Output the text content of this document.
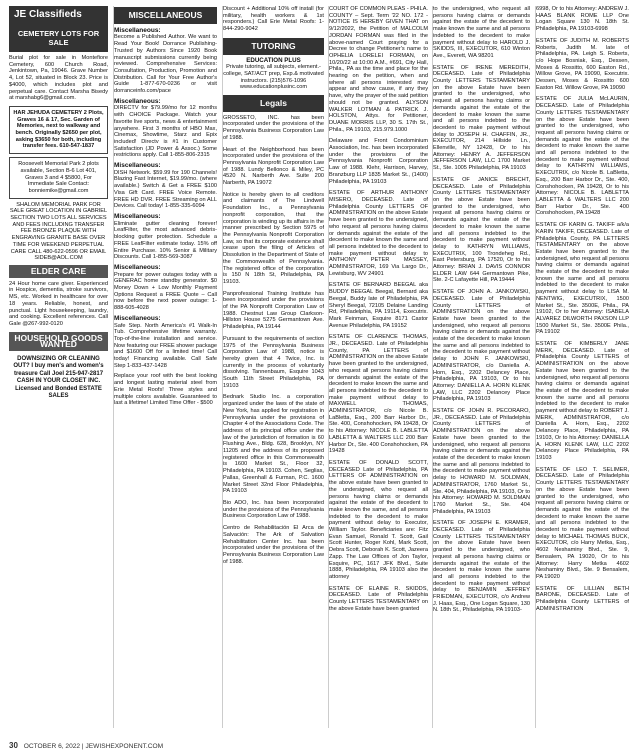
JE Classifieds
CEMETERY LOTS FOR SALE

Burial plot for sale in Montefiore Cemetery, 600 Church Road, Jenkintown, Pa, 19046. Grave Number 4, Lot 52, situated in Block 23. Price is $4000, which includes plot and perpetual care. Contact Marsha Bisedy at marshabg6@gmail.com.

HAR JEHUDA CEMETERY 2 Plots, Graves 16 & 17, Sec. Garden of Memories, next to walkway and bench. Originally $2650 per plot, asking $3650 for both, including transfer fees. 610-547-1837
Roosevelt Memorial Park 2 plots available, Section B-6 Lot 401, Graves 3 and 4 $5800, For Immediate Sale Contact: bonniemike@gmail.com
SHALOM MEMORIAL PARK FOR SALE GREAT LOCATION IN GABRIEL SECTION TWO LOTS ALL SERVICES AND FEES INCLUDING TRANSFER FEE BRONZE PLAQUE WITH ENGRAVING GRANITE BASE OVER TIME FOR WEEKEND PERPETUAL CARE CALL 480-622-0596 OR EMAIL SIDEB@AOL.COM
ELDER CARE

24 Hour home care giver. Experienced in Hospice, dementia, stroke survivors, MS, etc. Worked in healthcare for over 18 years. Reliable, honest, and punctual. Light housekeeping, laundry, and cooking. Excellent references. Call Gale @267-992-0120

HOUSEHOLD GOODS WANTED
DOWNSIZING OR CLEANING OUT? I buy men's and women's treasure Call Joel 215-947-2817 CASH IN YOUR CLOSET INC. Licensed and Bonded ESTATE SALES
MISCELLANEOUS
Miscellaneous:

Become a Published Author. We want to Read Your Book! Dorrance Publishing-Trusted by Authors Since 1920 Book manuscript submissions currently being reviewed. Comprehensive Services: Consultation, Production, Promotion and Distribution. Call for Your Free Author's Guide 1-877-670-0236 or visit dorranceinfo.com/pace

Miscellaneous:

DIRECTV for $79.99/mo for 12 months with CHOICE Package. Watch your favorite live sports, news & entertainment anywhere. First 3 months of HBO Max, Cinemax, Showtime, Starz and Epix included! Directv is #1 in Customer Satisfaction (JD Power & Assoc.) Some restrictions apply. Call 1-855-806-2315

Miscellaneous:

DISH Network. $59.99 for 190 Channels! Blazing Fast Internet, $19.99/mo. (where available.) Switch & Get a FREE $100 Visa Gift Card. FREE Voice Remote. FREE HD DVR. FREE Streaming on ALL Devices. Call today! 1-855-335-6094

Miscellaneous:

Eliminate gutter cleaning forever! LeafFilter, the most advanced debris-blocking gutter protection. Schedule a FREE LeafFilter estimate today. 15% off Entire Purchase. 10% Senior & Military Discounts. Call 1-855-569-3087

Miscellaneous:

Prepare for power outages today with a GENERAC home standby generator. $0 Money Down + Low Monthly Payment Options Request a FREE Quote – Call now before the next power outage: 1-888-605-4028

Miscellaneous:

Safe Step. North America's #1 Walk-In Tub. Comprehensive lifetime warranty. Top-of-the-line installation and service. Now featuring our FREE shower package and $1600 Off for a limited time! Call today! Financing available. Call Safe Step 1-833-437-1428

Replace your roof with the best looking and longest lasting material steel from Erie Metal Roofs! Three styles and multiple colors available. Guaranteed to last a lifetime! Limited Time Offer - $500

Discount + Additional 10% off install (for military, health workers & 1st responders.) Call Erie Metal Roofs: 1-844-290-9042

TUTORING
EDUCATION PLUS
Private tutoring, all subjects, element.-college, SAT/ACT prep, Exp.& motivated instructors. (215)576-1096 www.educationplusinc.com
Legals

GROSSETO, INC. has been incorporated under the provisions of the Pennsylvania Business Corporation Law of 1988.

Heart of the Neighborhood has been incorporated under the provisions of the Pennsylvania Nonprofit Corporation Law of 1988. Lundy Bellonco & Miley, PC 4520 N. Narberth Ave. Suite 200 Narberth, PA 19072

Notice is hereby given to all creditors and claimants of The Lindwell Foundation Inc., a Pennsylvania nonprofit corporation, that the corporation is winding up its affairs in the manner prescribed by Section 5975 of the Pennsylvania Nonprofit Corporation Law, so that its corporate existence shall cease upon the filing of Articles of Dissolution in the Department of State of the Commonwealth of Pennsylvania. The registered office of the corporation is 150 N 18th St, Philadelphia, PA 19103.

Panprofessional Training Institute has been incorporated under the provisions of the PA Nonprofit Corporation Law of 1988. Chestnut Law Group Clarkson-Hillston House 5275 Germantown Ave. Philadelphia, PA 19144

Pursuant to the requirements of section 1975 of the Pennsylvania Business Corporation Law of 1988, notice is hereby given that 4 Twice, Inc. is currently in the process of voluntarily dissolving. Tannenbaum, Esquire 1043 South 11th Street Philadelphia, PA 19103

Bednark Studio Inc. a corporation organized under the laws of the state of New York, has applied for registration in Pennsylvania under the provisions of Chapter 4 of the Associations Code. The address of its principal office under the law of the jurisdiction of formation is 60 Flushing Ave., Bldg. 628, Brooklyn, NY 11205 and the address of its proposed registered office in this Commonwealth is 1600 Market St., Floor 32, Philadelphia, PA 19103. Cohen, Seglias, Pallas, Greenhall & Furman, P.C. 1600 Market Street 32nd Floor Philadelphia, PA 19103

Bio ADO, Inc. has been incorporated under the provisions of the Pennsylvania Business Corporation Law of 1988.

Centro de Rehabilitación El Arca de Salvación: The Ark of Salvation Rehabilitation Center Inc. has been incorporated under the provisions of the Pennsylvania Business Corporation Law of 1988.

COURT OF COMMON PLEAS - PHILA. COUNTY – Sept. Term '22 NO. 172 - NOTICE IS HEREBY GIVEN THAT on 9/12/2022, the Petition of MALCOLM JORDAN FORMAN was filed in the above-named Court praying for a Decree to change Petitioner's name to OPHELIA LORELEI FORMAN, on 10/20/22 at 10:00 A.M., #691, City Hall, Phila., PA as the time and place for the hearing on the petition, when and where all persons interested may appear and show cause, if any they have, why the prayer of the said petition should not be granted. ALYSON WALKER LOTMAN & PATRICK J. HOLSTON, Attys. for Petitioner, DUANE MORRIS LLP, 30 S. 17th St., Phila., PA 19103, 215.979.1000

Delaware and Front Condominium Association, Inc. has been incorporated under the provisions of the Pennsylvania Nonprofit Corporation Law of 1988. Klehr, Harrison, Harvey, Branzburg LLP 1835 Market St., (1400) Philadelphia, PA 19103

ESTATE OF ARTHUR ANTHONY MISERO, DECEASED. Late of Philadelphia County LETTERS OF ADMINISTRATION on the above Estate have been granted to the undersigned, who request all persons having claims or demands against the estate of the decedent to make known the same and all persons indebted to the decedent to make payment without delay to ANTHONY PETER MASSEY, ADMINISTRATOR, 169 Via Largo Dr., Lewisburg, WV 24901

ESTATE OF BERNARD BEEGAL aka BUDDY BEEGAL Beegal, Bernard aka Beegal, Buddy late of Philadelphia, PA Sheryl Beegal, 72105 Delaine Landing Rd, Philadelphia, PA 19114, Executrix. Mark Feinman, Esquire 8171 Castor Avenue Philadelphia, PA 19152

ESTATE OF CLARENCE THOMAS, JR., DECEASED. Late of Philadelphia County, PA LETTERS of ADMINISTRATION on the above Estate have been granted to the undersigned, who request all persons having claims or demands against the estate of the decedent to make known the same and all persons indebted to the decedent to make payment without delay to MAXWELL THOMAS, ADMINISTRATOR, c/o Nicole B. LaBletta, Esq., 200 Barr Harbor Dr., Ste. 400, Conshohocken, PA 19428, Or to his Attorney: NICOLE B. LABLETTA LABLETTA & WALTERS LLC 200 Barr Harbor Dr., Ste. 400 Conshohocken, PA 19428

ESTATE OF DONALD SCOTT, DECEASED Late of Philadelphia, PA LETTERS OF ADMINISTRATION on the above estate have been granted to the undersigned, who request all persons having claims or demands against the estate of the decedent to make known the same, and all persons indebted to the decedent to make payment without delay to Executor, William Taylor. Beneficiaries are: Fitz Evan Samuel, Ronald T. Scott, Gail Scott Hunter, Roger Kohl, Mark Scott, Debra Scott, Deborah K. Scott, Jazeera Zapp. The Law Offices of Jon Taylor, Esquire, PC, 1617 JFK Blvd., Suite 1888, Philadelphia, PA 19103 also the attorney

ESTATE OF ELAINE R. SKIDDS, DECEASED. Late of Philadelphia County LETTERS TESTAMENTARY on the above Estate have been granted

to the undersigned, who request all persons having claims or demands against the estate of the decedent to make known the same and all persons indebted to the decedent to make payment without delay to HAROLD J. SKIDDS, III, EXECUTOR, 610 Winton Ave., Everett, WA 98201

ESTATE OF IRENE MEREDITH, DECEASED. Late of Philadelphia County LETTERS TESTAMENTARY on the above Estate have been granted to the undersigned, who request all persons having claims or demands against the estate of the decedent to make known the same and all persons indebted to the decedent to make payment without delay to JOSEPH H. CHAFFIN, JR., EXECUTOR, 214 Hillside Ln., Ellenville, NY 12428, Or to his Attorney: HENRY A. JEFFERSON JEFFERSON LAW, LLC 1700 Market St., Ste. 1005 Philadelphia, PA 19103

ESTATE OF JANICE BRECHT, DECEASED. Late of Philadelphia County LETTERS TESTAMENTARY on the above Estate have been granted to the undersigned, who request all persons having claims or demands against the estate of the decedent to make known the same and all persons indebted to the decedent to make payment without delay to KATHRYN WILLIAMS, EXECUTRIX, 100 Trondeheg Rd., East Petersburg, PA 17520, Or to his Attorney: BRIAN J. DAVIS CONNOR ELDER LAW 644 Germantown Pike, Ste. 2-C Lafayette Hill, PA 19444

ESTATE OF JOHN A. JANKOWSKI, DECEASED. Late of Philadelphia County LETTERS of ADMINISTRATION on the above Estate have been granted to the undersigned, who request all persons having claims or demands against the estate of the decedent to make known the same and all persons indebted to the decedent to make payment without delay to JOHN F. JANKOWSKI, ADMINISTRATOR, c/o Daniella A. Horn, Esq., 2202 Delancey Place, Philadelphia, PA 19103, Or to his Attorney: DANIELLA A. HORN KLENK LAW, LLC 2202 Delancey Place Philadelphia, PA 19103

ESTATE OF JOHN R. PECORARO, JR., DECEASED. Late of Philadelphia County LETTERS of ADMINISTRATION on the above Estate have been granted to the undersigned, who request all persons having claims or demands against the estate of the decedent to make known the same and all persons indebted to the decedent to make payment without delay to HOWARD M. SOLDMAN, ADMINISTRATOR, 1760 Market St., Ste. 404, Philadelphia, PA 19103, Or to his Attorney: HOWARD M. SOLDMAN 1760 Market St., Ste. 404 Philadelphia, PA 19103

ESTATE OF JOSEPH E. KRAMER, DECEASED. Late of Philadelphia County LETTERS TESTAMENTARY on the above Estate have been granted to the undersigned, who request all persons having claims or demands against the estate of the decedent to make known the same and all persons indebted to the decedent to make payment without delay to BENJAMIN JEFFREY FRIEDMAN, EXECUTOR, c/o Andrew J. Haas, Esq., One Logan Square, 130 N. 18th St., Philadelphia, PA 19103-

6998, Or to his Attorney: ANDREW J. HAAS BLANK ROME LLP One Logan Square 130 N. 18th St. Philadelphia, PA 19103-6998

ESTATE OF JUDITH M. ROBERTS Roberts, Judith M. late of Philadelphia, PA. Leigh S. Roberts, c/o Hope Bosniak, Esq., Dessen, Moses & Rossitto, 600 Easton Rd., Willow Grove, PA 19090, Executrix. Dessen, Moses & Rossitto 600 Easton Rd. Willow Grove, PA 19090

ESTATE OF JULIA McLAURIN, DECEASED. Late of Philadelphia County LETTERS TESTAMENTARY on the above Estate have been granted to the undersigned, who request all persons having claims or demands against the estate of the decedent to make known the same and all persons indebted to the decedent to make payment without delay to KATHRYN WILLIAMS, EXECUTRIX, c/o Nicole B. LaBletta, Esq., 200 Barr Harbor Dr., Ste. 400, Conshohocken, PA 19428, Or to his Attorney: NICOLE B. LABLETTA LABLETTA & WALTERS LLC 200 Barr Harbor Dr., Ste. 400 Conshohocken, PA 19428

ESTATE OF KARIN G. TAKIFF a/k/a KARIN TAKIFF, DECEASED. Late of Philadelphia County, PA LETTERS TESTAMENTARY on the above Estate have been granted to the undersigned, who request all persons having claims or demands against the estate of the decedent to make known the same and all persons indebted to the decedent to make payment without delay to LISA M. NENTWIG, EXECUTRIX, 1500 Market St., Ste. 3500E, Phila., PA 19102, Or to her Attorney: ISABELA ALVAREZ DILWORTH PAXSON LLP 1500 Market St., Ste. 3500E Phila., PA 19102

ESTATE OF KIMBERLY JANE MERK, DECEASED. Late of Philadelphia County LETTERS of ADMINISTRATION on the above Estate have been granted to the undersigned, who request all persons having claims or demands against the estate of the decedent to make known the same and all persons indebted to the decedent to make payment without delay to ROBERT J. MERK, ADMINISTRATOR, c/o Daniella A. Horn, Esq., 2202 Delancey Place, Philadelphia, PA 19103, Or to his Attorney: DANIELLA A. HORN KLENK LAW, LLC 2202 Delancey Place Philadelphia, PA 19103

ESTATE OF LEO T. SELIMER, DECEASED. Late of Philadelphia County LETTERS TESTAMENTARY on the above Estate have been granted to the undersigned, who request all persons having claims or demands against the estate of the decedent to make known the same and all persons indebted to the decedent to make payment without delay to MICHAEL THOMAS BUCK, EXECUTOR, c/o Harry Metka, Esq., 4602 Neshaminy Blvd., Ste. 9, Bensalem, PA 19020, Or to his Attorney: Harry Metka 4602 Neshaminy Blvd., Ste. 9 Bensalem, PA 19020

ESTATE OF LILLIAN BETH BARONE, DECEASED. Late of Philadelphia County LETTERS of ADMINISTRATION

30 OCTOBER 6, 2022 | JEWISHEXPONENT.COM
